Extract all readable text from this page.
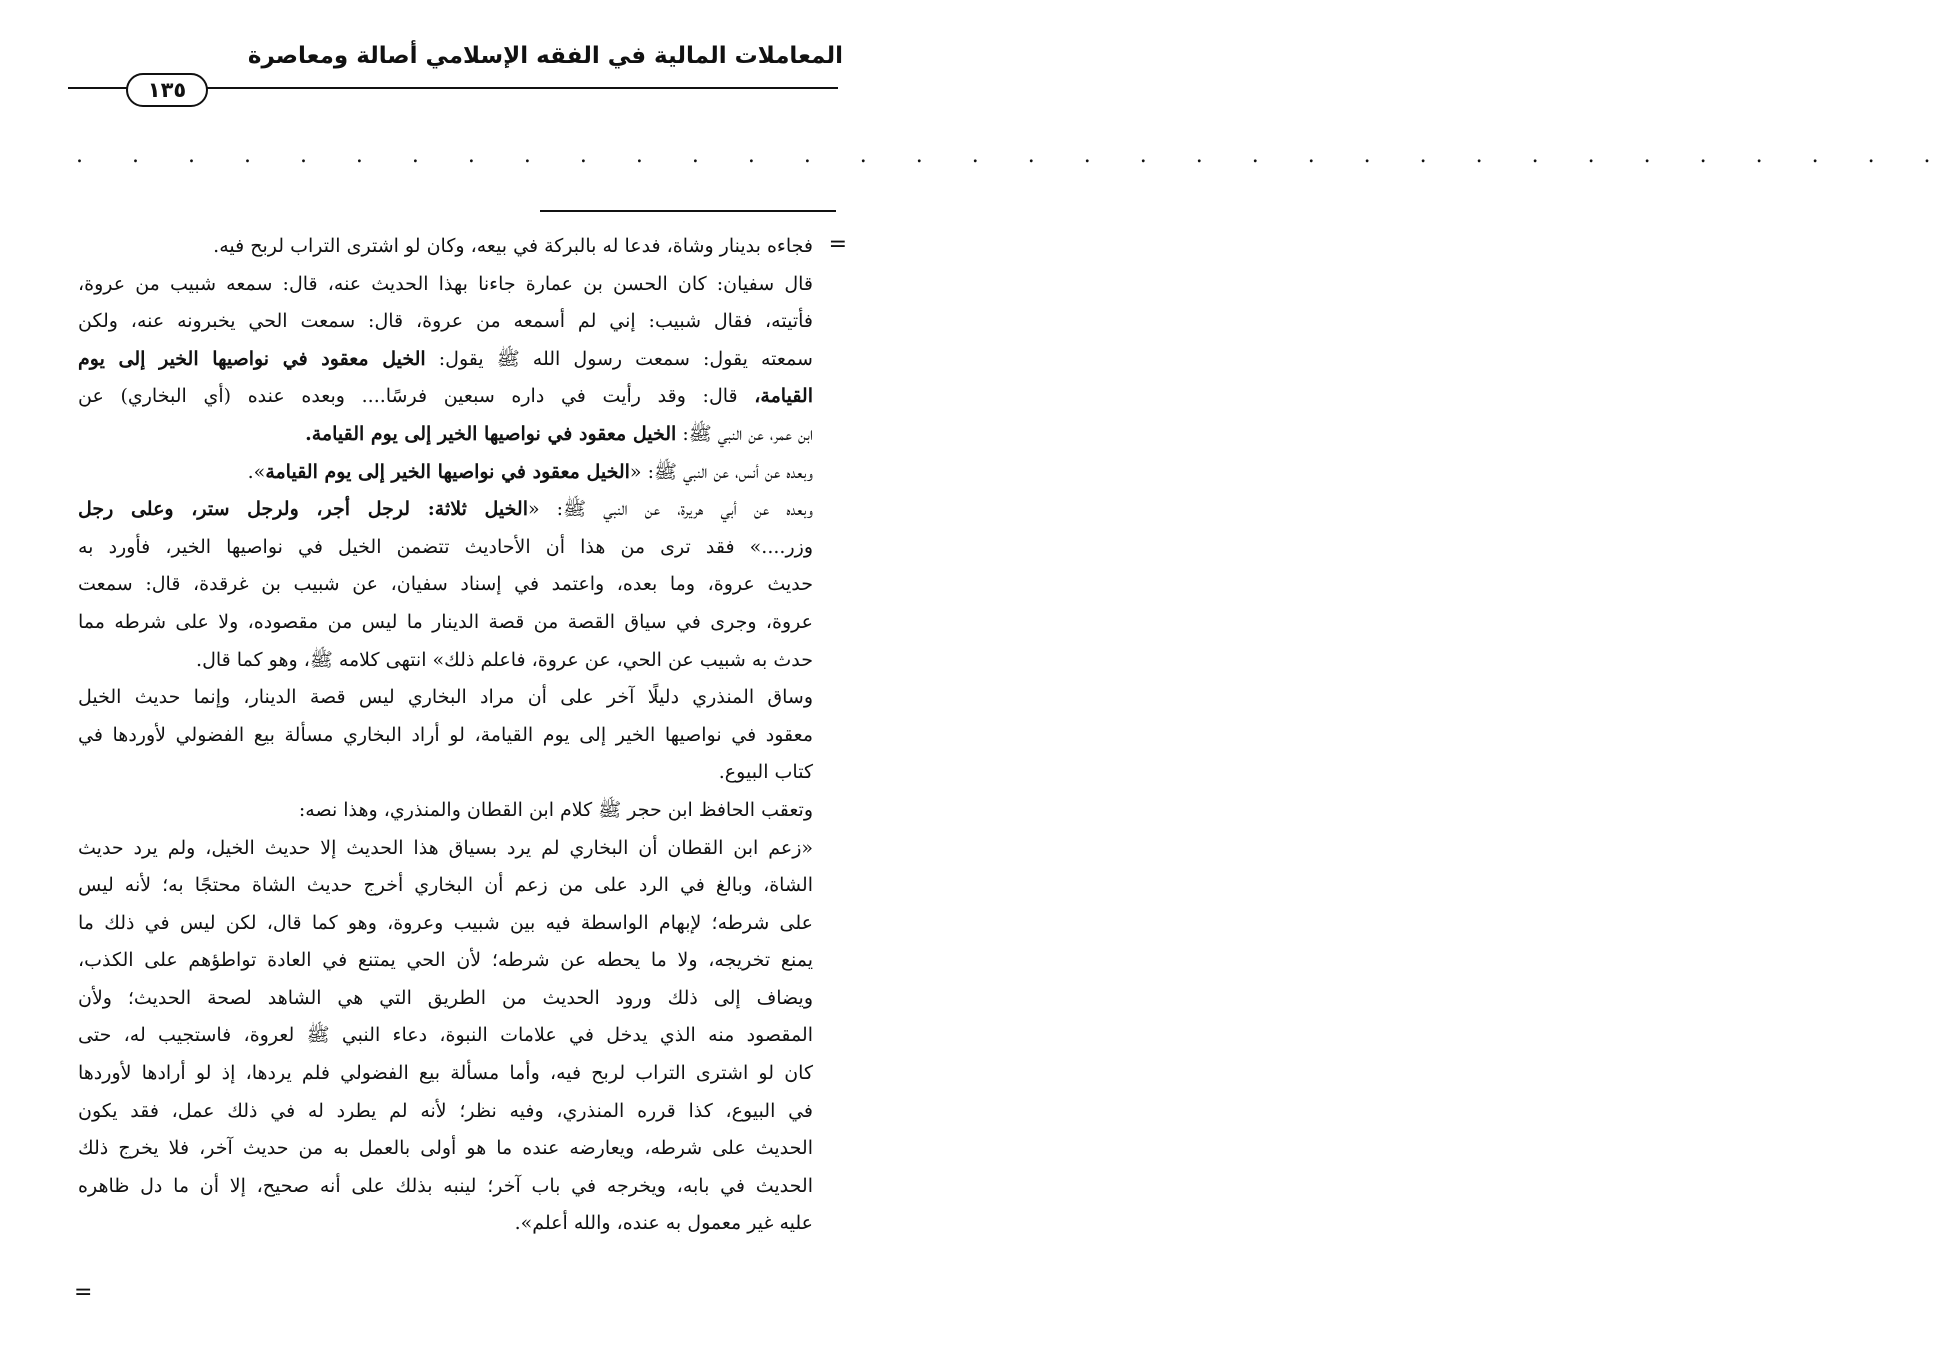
المعاملات المالية في الفقه الإسلامي أصالة ومعاصرة
١٣٥
. . . . . . . . . . . . . . . . . . . . . . . . . . . . . . . . . .
=
فجاءه بدينار وشاة، فدعا له بالبركة في بيعه، وكان لو اشترى التراب لربح فيه.
قال سفيان: كان الحسن بن عمارة جاءنا بهذا الحديث عنه، قال: سمعه شبيب من عروة،
فأتيته، فقال شبيب: إني لم أسمعه من عروة، قال: سمعت الحي يخبرونه عنه، ولكن
سمعته يقول: سمعت رسول الله ﷺ يقول: الخيل معقود في نواصيها الخير إلى يوم
القيامة، قال: وقد رأيت في داره سبعين فرسًا.... وبعده عنده (أي البخاري) عن
ابن عمر، عن النبي ﷺ: الخيل معقود في نواصيها الخير إلى يوم القيامة.
وبعده عن أنس، عن النبي ﷺ: «الخيل معقود في نواصيها الخير إلى يوم القيامة».
وبعده عن أبي هريرة، عن النبي ﷺ: «الخيل ثلاثة: لرجل أجر، ولرجل ستر، وعلى رجل
وزر....» فقد ترى من هذا أن الأحاديث تتضمن الخيل في نواصيها الخير، فأورد به
حديث عروة، وما بعده، واعتمد في إسناد سفيان، عن شبيب بن غرقدة، قال: سمعت
عروة، وجرى في سياق القصة من قصة الدينار ما ليس من مقصوده، ولا على شرطه مما
حدث به شبيب عن الحي، عن عروة، فاعلم ذلك» انتهى كلامه ﷺ، وهو كما قال.
وساق المنذري دليلًا آخر على أن مراد البخاري ليس قصة الدينار، وإنما حديث الخيل
معقود في نواصيها الخير إلى يوم القيامة، لو أراد البخاري مسألة بيع الفضولي لأوردها في
كتاب البيوع.
وتعقب الحافظ ابن حجر ﷺ كلام ابن القطان والمنذري، وهذا نصه:
«زعم ابن القطان أن البخاري لم يرد بسياق هذا الحديث إلا حديث الخيل، ولم يرد حديث
الشاة، وبالغ في الرد على من زعم أن البخاري أخرج حديث الشاة محتجًا به؛ لأنه ليس
على شرطه؛ لإبهام الواسطة فيه بين شبيب وعروة، وهو كما قال، لكن ليس في ذلك ما
يمنع تخريجه، ولا ما يحطه عن شرطه؛ لأن الحي يمتنع في العادة تواطؤهم على الكذب،
ويضاف إلى ذلك ورود الحديث من الطريق التي هي الشاهد لصحة الحديث؛ ولأن
المقصود منه الذي يدخل في علامات النبوة، دعاء النبي ﷺ لعروة، فاستجيب له، حتى
كان لو اشترى التراب لربح فيه، وأما مسألة بيع الفضولي فلم يردها، إذ لو أرادها لأوردها
في البيوع، كذا قرره المنذري، وفيه نظر؛ لأنه لم يطرد له في ذلك عمل، فقد يكون
الحديث على شرطه، ويعارضه عنده ما هو أولى بالعمل به من حديث آخر، فلا يخرج ذلك
الحديث في بابه، ويخرجه في باب آخر؛ لينبه بذلك على أنه صحيح، إلا أن ما دل ظاهره
عليه غير معمول به عنده، والله أعلم».
=
